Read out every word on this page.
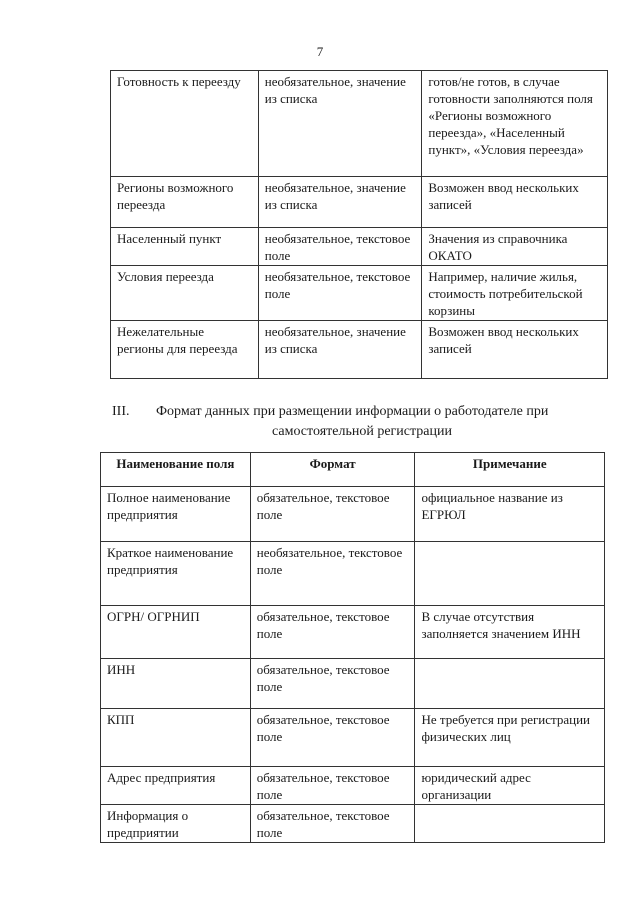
7
Готовность к переезду	необязательное, значение из списка	готов/не готов, в случае готовности заполняются поля «Регионы возможного переезда», «Населенный пункт», «Условия переезда»
Регионы возможного переезда	необязательное, значение из списка	Возможен ввод нескольких записей
Населенный пункт	необязательное, текстовое поле	Значения из справочника ОКАТО
Условия переезда	необязательное, текстовое поле	Например, наличие жилья, стоимость потребительской корзины
Нежелательные регионы для переезда	необязательное, значение из списка	Возможен ввод нескольких записей
III. Формат данных при размещении информации о работодателе при
самостоятельной регистрации
Наименование поля	Формат	Примечание
Полное наименование предприятия	обязательное, текстовое поле	официальное название из ЕГРЮЛ
Краткое наименование предприятия	необязательное, текстовое поле	
ОГРН/ ОГРНИП	обязательное, текстовое поле	В случае отсутствия заполняется значением ИНН
ИНН	обязательное, текстовое поле	
КПП	обязательное, текстовое поле	Не требуется при регистрации физических лиц
Адрес предприятия	обязательное, текстовое поле	юридический адрес организации
Информация о предприятии	обязательное, текстовое поле	
